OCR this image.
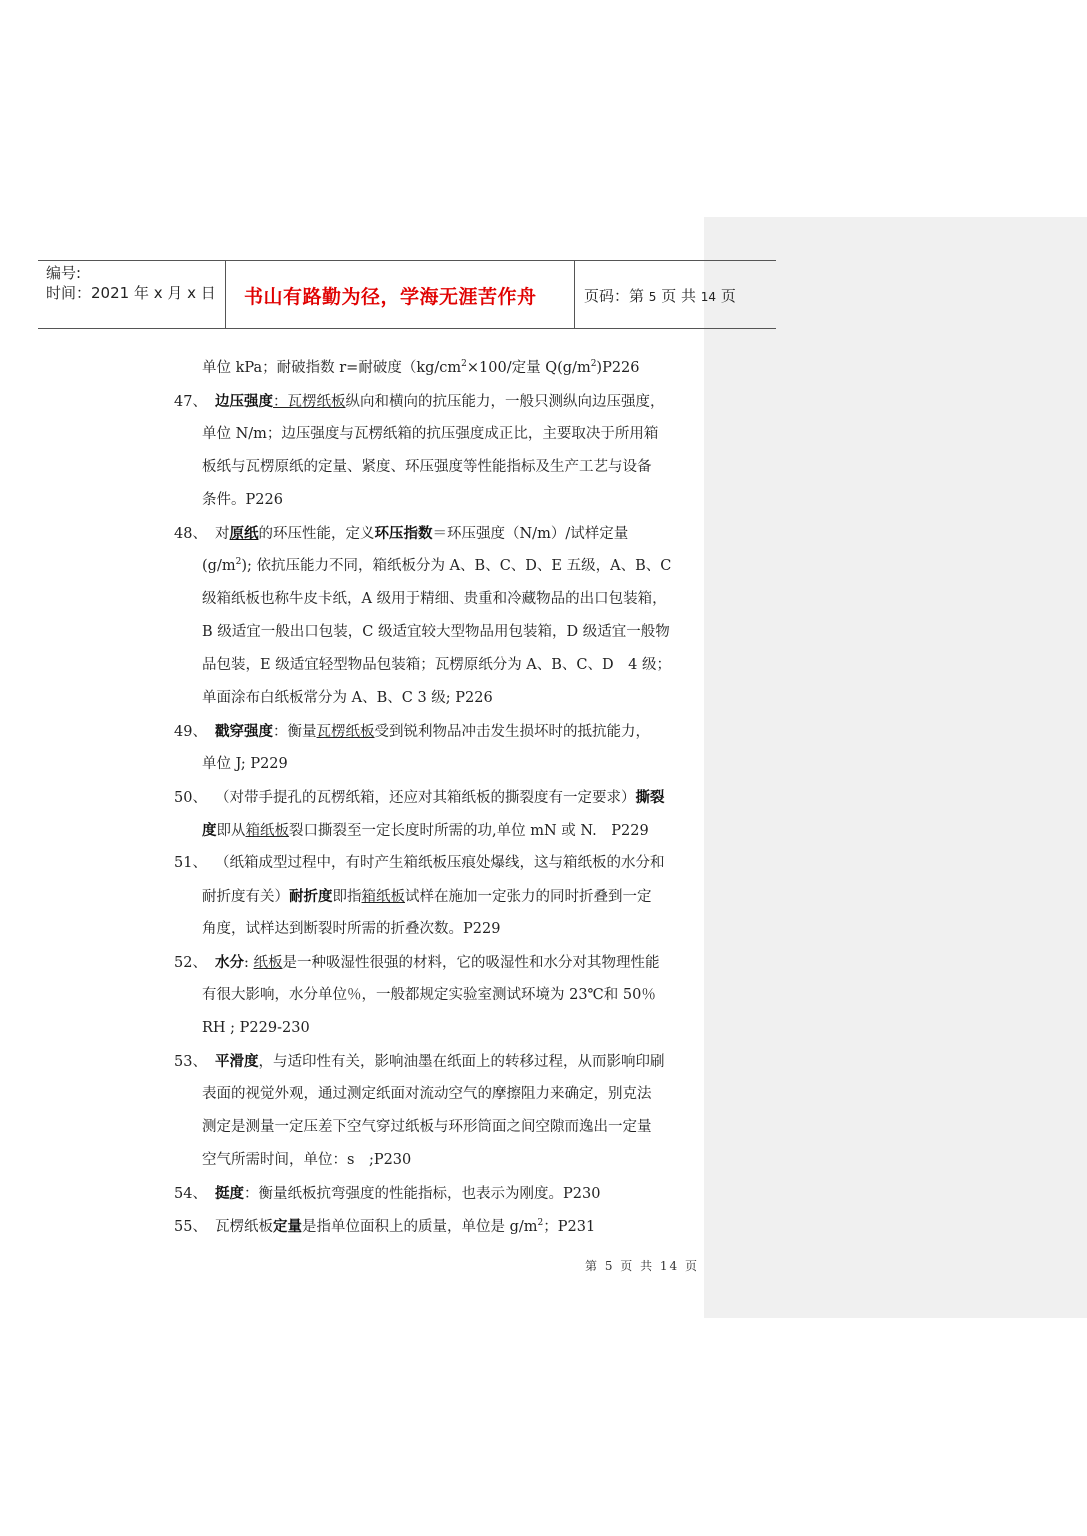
编号:
时间：2021 年 x 月 x 日 书山有路勤为径，学海无涯苦作舟	页码：第 5 页 共 14 页
单位 kPa；耐破指数 r=耐破度（$kg/cm^2\times 100/$定量 $Q(g/m^2)P226$
47、 边压强度：瓦楞纸板纵向和横向的抗压能力，一般只测纵向边压强度，
单位 N/m；边压强度与瓦楞纸箱的抗压强度成正比，主要取决于所用箱
板纸与瓦楞原纸的定量、紧度、环压强度等性能指标及生产工艺与设备
条件。P226
48、 对原纸的环压性能，定义环压指数＝环压强度（N/m）/试样定量
$(g/m^2)$; 依抗压能力不同，箱纸板分为 A、B、C、D、E 五级，A、B、C
级箱纸板也称牛皮卡纸，A 级用于精细、贵重和冷藏物品的出口包装箱，
B 级适宜一般出口包装，C 级适宜较大型物品用包装箱，D 级适宜一般物
品包装，E 级适宜轻型物品包装箱；瓦楞原纸分为 A、B、C、D　4 级；
单面涂布白纸板常分为 A、B、C 3 级; P226
49、 戳穿强度：衡量瓦楞纸板受到锐利物品冲击发生损坏时的抵抗能力，
单位 J; P229
50、 （对带手提孔的瓦楞纸箱，还应对其箱纸板的撕裂度有一定要求）撕裂
度即从箱纸板裂口撕裂至一定长度时所需的功,单位 mN 或 N.　P229
51、 （纸箱成型过程中，有时产生箱纸板压痕处爆线，这与箱纸板的水分和
耐折度有关）耐折度即指箱纸板试样在施加一定张力的同时折叠到一定
角度，试样达到断裂时所需的折叠次数。P229
52、 水分: 纸板是一种吸湿性很强的材料，它的吸湿性和水分对其物理性能
有很大影响，水分单位％，一般都规定实验室测试环境为 23℃和 50％
RH ; P229-230
53、 平滑度，与适印性有关，影响油墨在纸面上的转移过程，从而影响印刷
表面的视觉外观，通过测定纸面对流动空气的摩擦阻力来确定，别克法
测定是测量一定压差下空气穿过纸板与环形筒面之间空隙而逸出一定量
空气所需时间，单位：s　;P230
54、 挺度：衡量纸板抗弯强度的性能指标，也表示为刚度。P230
55、 瓦楞纸板定量是指单位面积上的质量，单位是 $g/m^2$；P231
第 5 页 共 14 页
